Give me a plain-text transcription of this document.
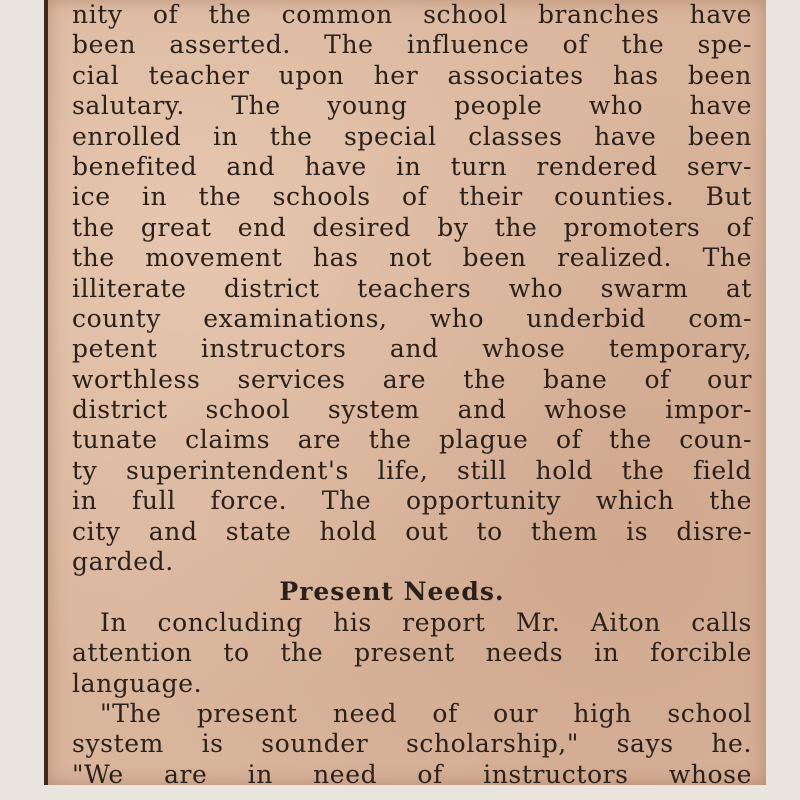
nity of the common school branches have
been asserted. The influence of the spe-
cial teacher upon her associates has been
salutary. The young people who have
enrolled in the special classes have been
benefited and have in turn rendered serv-
ice in the schools of their counties. But
the great end desired by the promoters of
the movement has not been realized. The
illiterate district teachers who swarm at
county examinations, who underbid com-
petent instructors and whose temporary,
worthless services are the bane of our
district school system and whose impor-
tunate claims are the plague of the coun-
ty superintendent's life, still hold the field
in full force. The opportunity which the
city and state hold out to them is disre-
garded.
Present Needs.
In concluding his report Mr. Aiton calls
attention to the present needs in forcible
language.
"The present need of our high school
system is sounder scholarship," says he.
"We are in need of instructors whose
